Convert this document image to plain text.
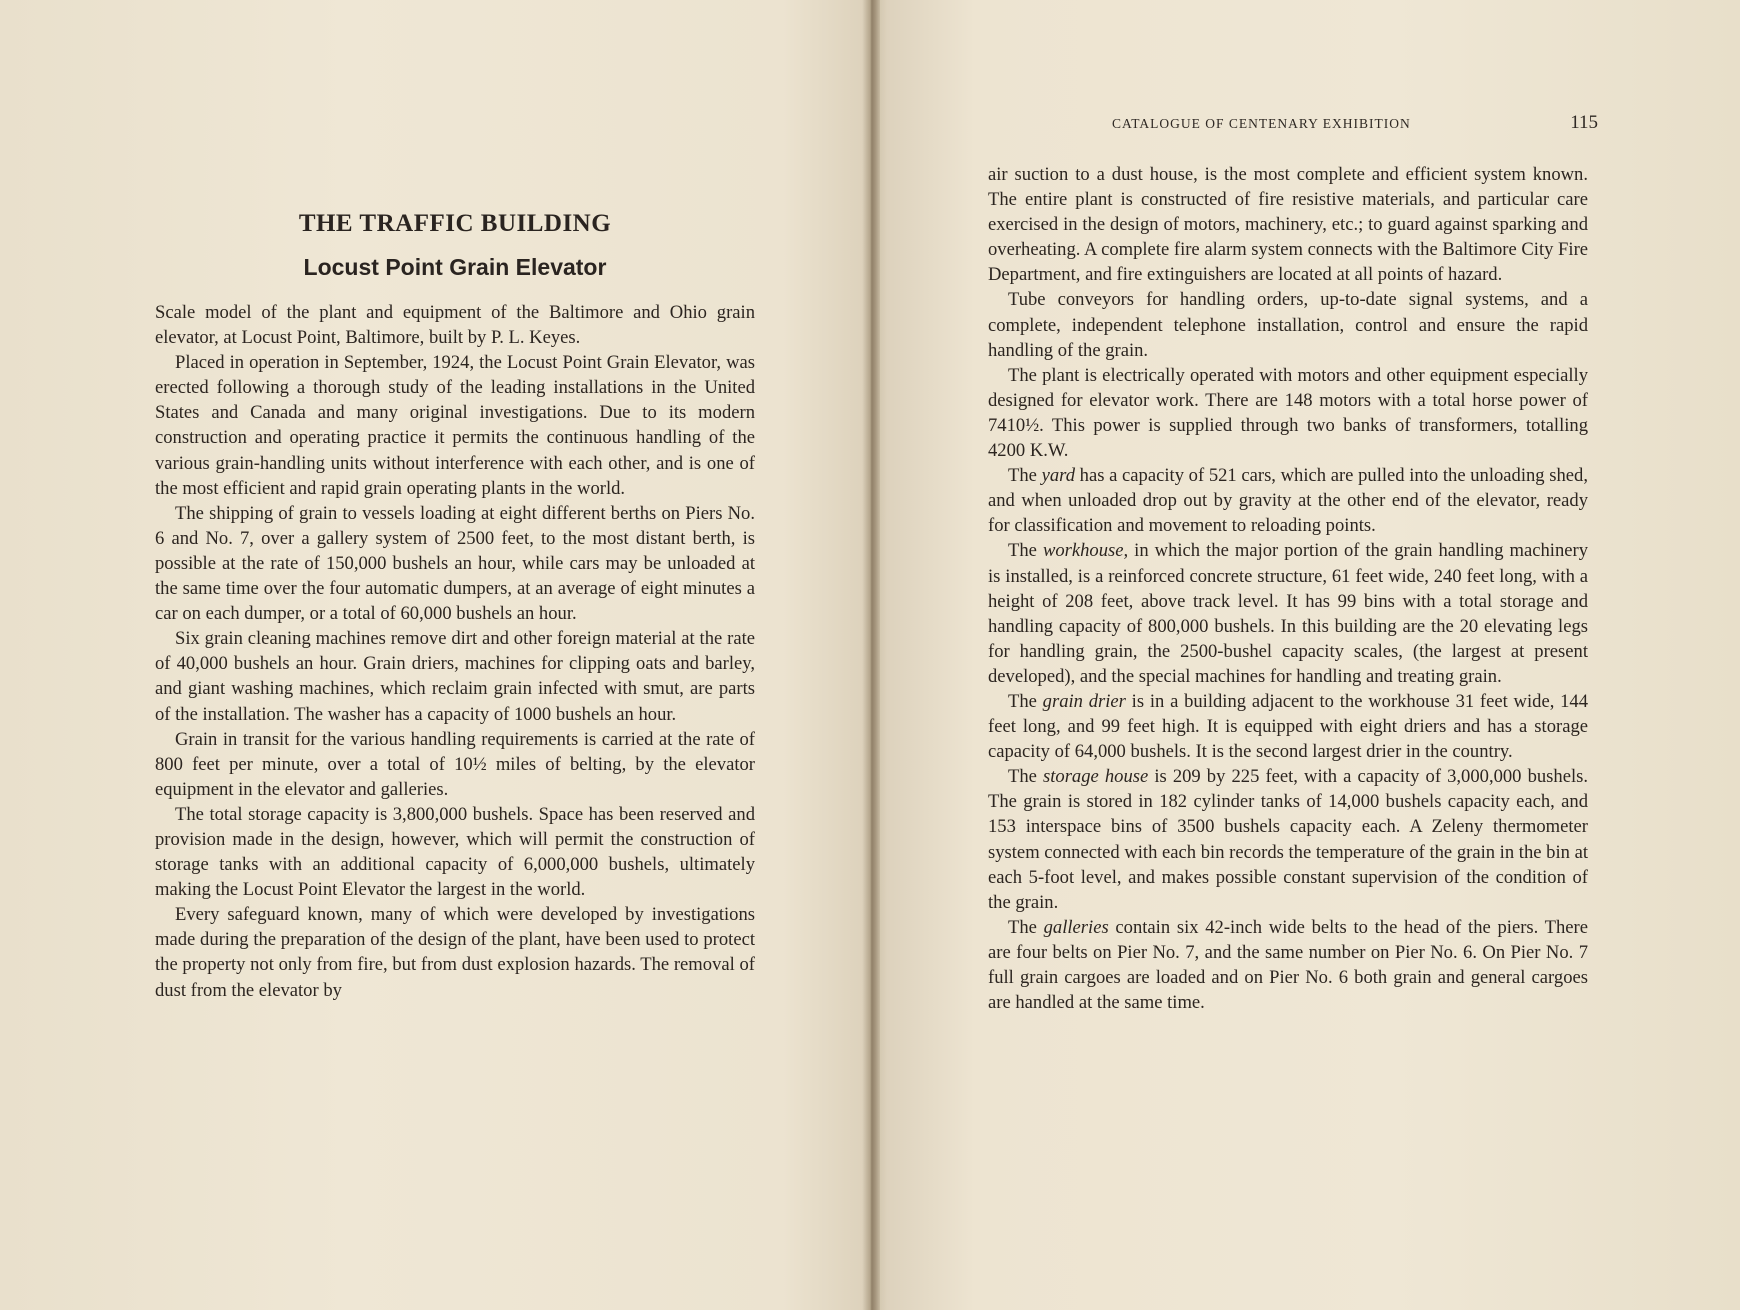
THE TRAFFIC BUILDING
Locust Point Grain Elevator

Scale model of the plant and equipment of the Baltimore and Ohio grain elevator, at Locust Point, Baltimore, built by P. L. Keyes.

Placed in operation in September, 1924, the Locust Point Grain Elevator, was erected following a thorough study of the leading installations in the United States and Canada and many original investigations. Due to its modern construction and operating practice it permits the continuous handling of the various grain-handling units without interference with each other, and is one of the most efficient and rapid grain operating plants in the world.

The shipping of grain to vessels loading at eight different berths on Piers No. 6 and No. 7, over a gallery system of 2500 feet, to the most distant berth, is possible at the rate of 150,000 bushels an hour, while cars may be unloaded at the same time over the four automatic dumpers, at an average of eight minutes a car on each dumper, or a total of 60,000 bushels an hour.

Six grain cleaning machines remove dirt and other foreign material at the rate of 40,000 bushels an hour. Grain driers, machines for clipping oats and barley, and giant washing machines, which reclaim grain infected with smut, are parts of the installation. The washer has a capacity of 1000 bushels an hour.

Grain in transit for the various handling requirements is carried at the rate of 800 feet per minute, over a total of 10½ miles of belting, by the elevator equipment in the elevator and galleries.

The total storage capacity is 3,800,000 bushels. Space has been reserved and provision made in the design, however, which will permit the construction of storage tanks with an additional capacity of 6,000,000 bushels, ultimately making the Locust Point Elevator the largest in the world.

Every safeguard known, many of which were developed by investigations made during the preparation of the design of the plant, have been used to protect the property not only from fire, but from dust explosion hazards. The removal of dust from the elevator by

CATALOGUE OF CENTENARY EXHIBITION	115

air suction to a dust house, is the most complete and efficient system known. The entire plant is constructed of fire resistive materials, and particular care exercised in the design of motors, machinery, etc.; to guard against sparking and overheating. A complete fire alarm system connects with the Baltimore City Fire Department, and fire extinguishers are located at all points of hazard.

Tube conveyors for handling orders, up-to-date signal systems, and a complete, independent telephone installation, control and ensure the rapid handling of the grain.

The plant is electrically operated with motors and other equipment especially designed for elevator work. There are 148 motors with a total horse power of 7410½. This power is supplied through two banks of transformers, totalling 4200 K.W.

The yard has a capacity of 521 cars, which are pulled into the unloading shed, and when unloaded drop out by gravity at the other end of the elevator, ready for classification and movement to reloading points.

The workhouse, in which the major portion of the grain handling machinery is installed, is a reinforced concrete structure, 61 feet wide, 240 feet long, with a height of 208 feet, above track level. It has 99 bins with a total storage and handling capacity of 800,000 bushels. In this building are the 20 elevating legs for handling grain, the 2500-bushel capacity scales, (the largest at present developed), and the special machines for handling and treating grain.

The grain drier is in a building adjacent to the workhouse 31 feet wide, 144 feet long, and 99 feet high. It is equipped with eight driers and has a storage capacity of 64,000 bushels. It is the second largest drier in the country.

The storage house is 209 by 225 feet, with a capacity of 3,000,000 bushels. The grain is stored in 182 cylinder tanks of 14,000 bushels capacity each, and 153 interspace bins of 3500 bushels capacity each. A Zeleny thermometer system connected with each bin records the temperature of the grain in the bin at each 5-foot level, and makes possible constant supervision of the condition of the grain.

The galleries contain six 42-inch wide belts to the head of the piers. There are four belts on Pier No. 7, and the same number on Pier No. 6. On Pier No. 7 full grain cargoes are loaded and on Pier No. 6 both grain and general cargoes are handled at the same time.
